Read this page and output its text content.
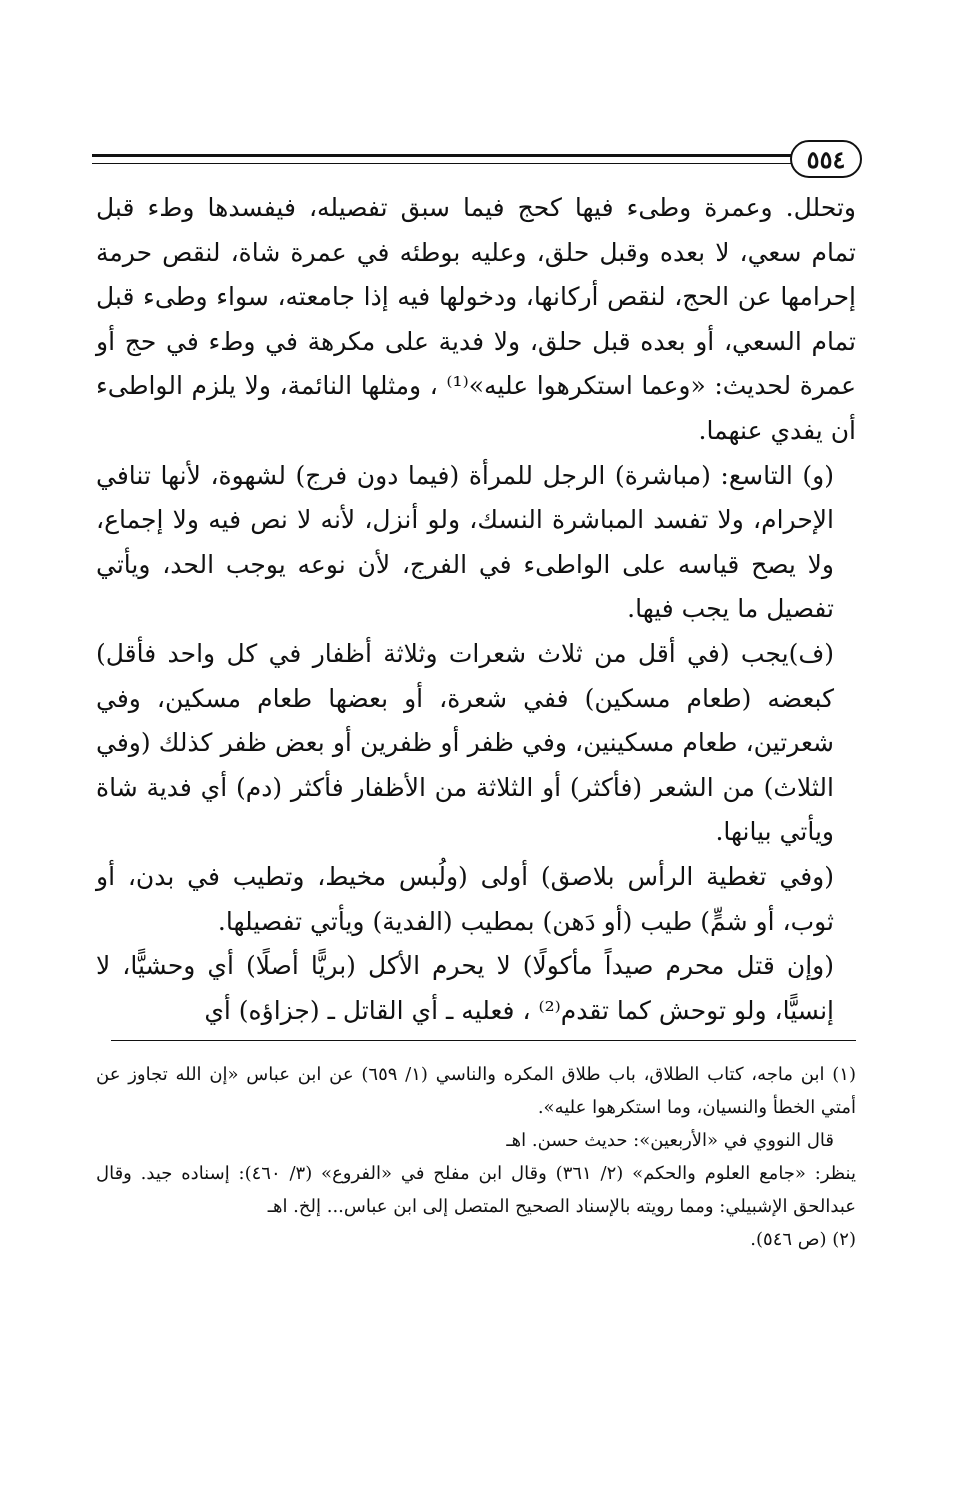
٥٥٤

وتحلل. وعمرة وطىء فيها كحج فيما سبق تفصيله، فيفسدها وطء قبل تمام سعي، لا بعده وقبل حلق، وعليه بوطئه في عمرة شاة، لنقص حرمة إحرامها عن الحج، لنقص أركانها، ودخولها فيه إذا جامعته، سواء وطىء قبل تمام السعي، أو بعده قبل حلق، ولا فدية على مكرهة في وطء في حج أو عمرة لحديث: «وعما استكرهوا عليه»⁽¹⁾ ، ومثلها النائمة، ولا يلزم الواطىء أن يفدي عنهما.

(و) التاسع: (مباشرة) الرجل للمرأة (فيما دون فرج) لشهوة، لأنها تنافي الإحرام، ولا تفسد المباشرة النسك، ولو أنزل، لأنه لا نص فيه ولا إجماع، ولا يصح قياسه على الواطىء في الفرج، لأن نوعه يوجب الحد، ويأتي تفصيل ما يجب فيها.

(ف)يجب (في أقل من ثلاث شعرات وثلاثة أظفار في كل واحد فأقل) كبعضه (طعام مسكين) ففي شعرة، أو بعضها طعام مسكين، وفي شعرتين، طعام مسكينين، وفي ظفر أو ظفرين أو بعض ظفر كذلك (وفي الثلاث) من الشعر (فأكثر) أو الثلاثة من الأظفار فأكثر (دم) أي فدية شاة ويأتي بيانها.

(وفي تغطية الرأس بلاصق) أولى (ولُبس مخيط، وتطيب في بدن، أو ثوب، أو شمٍّ) طيب (أو دَهن) بمطيب (الفدية) ويأتي تفصيلها.

(وإن قتل محرم صيداً مأكولًا) لا يحرم الأكل (بريًّا أصلًا) أي وحشيًّا، لا إنسيًّا، ولو توحش كما تقدم⁽²⁾ ، فعليه ـ أي القاتل ـ (جزاؤه) أي

(١) ابن ماجه، كتاب الطلاق، باب طلاق المكره والناسي (١/ ٦٥٩) عن ابن عباس «إن الله تجاوز عن أمتي الخطأ والنسيان، وما استكرهوا عليه».

قال النووي في «الأربعين»: حديث حسن. اهـ

ينظر: «جامع العلوم والحكم» (٢/ ٣٦١) وقال ابن مفلح في «الفروع» (٣/ ٤٦٠): إسناده جيد. وقال عبدالحق الإشبيلي: ومما رويته بالإسناد الصحيح المتصل إلى ابن عباس... إلخ. اهـ

(٢) (ص ٥٤٦).
